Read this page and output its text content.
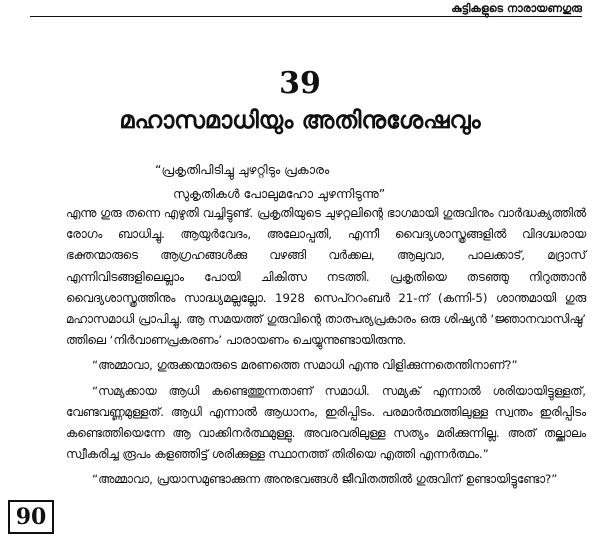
കുട്ടികളുടെ നാരായണഗുരു
39
മഹാസമാധിയും അതിനുശേഷവും
“പ്രകൃതിപിടിച്ചു ചുഴറ്റിടും പ്രകാരം
സുകൃതികൾ പോലുമഹോ ചുഴന്നിടുന്നു”

എന്നു ഗുരു തന്നെ എഴുതി വച്ചിട്ടുണ്ട്. പ്രകൃതിയുടെ ചുഴറ്റലിന്റെ ഭാഗമായി ഗുരുവിനും വാർദ്ധക്യത്തിൽ രോഗം ബാധിച്ചു. ആയുർവേദം, അലോപ്പതി, എന്നീ വൈദ്യശാസ്ത്രങ്ങളിൽ വിദഗ്ദ്ധരായ ഭക്തന്മാരുടെ ആഗ്രഹങ്ങൾക്കു വഴങ്ങി വർക്കല, ആലുവാ, പാലക്കാട്, മദ്രാസ് എന്നിവിടങ്ങളിലെല്ലാം പോയി ചികിത്സ നടത്തി. പ്രകൃതിയെ തടഞ്ഞു നിറുത്താൻ വൈദ്യശാസ്ത്രത്തിനും സാദ്ധ്യമല്ലല്ലോ. 1928 സെപ്ററംബർ 21-ന് (കന്നി-5) ശാന്തമായി ഗുരു മഹാസമാധി പ്രാപിച്ചു. ആ സമയത്ത് ഗുരുവിന്റെ താത്പര്യപ്രകാരം ഒരു ശിഷ്യൻ ‘ജ്ഞാനവാസിഷ്ഠ’ ത്തിലെ ‘നിർവാണപ്രകരണം’ പാരായണം ചെയ്യുന്നുണ്ടായിരുന്നു.

“അമ്മാവാ, ഗുരുക്കന്മാരുടെ മരണത്തെ സമാധി എന്നു വിളിക്കുന്നതെന്തിനാണ്?”

“സമ്യക്കായ ആധി കണ്ടെത്തുന്നതാണ് സമാധി. സമ്യക് എന്നാൽ ശരിയായിട്ടുള്ളത്, വേണ്ടവണ്ണമുള്ളത്. ആധി എന്നാൽ ആധാനം, ഇരിപ്പിടം. പരമാർത്ഥത്തിലുള്ള സ്വന്തം ഇരിപ്പിടം കണ്ടെത്തിയെന്നേ ആ വാക്കിനർത്ഥമുള്ളു. അവരവരിലുള്ള സത്യം മരിക്കുന്നില്ല. അത് തല്ക്കാലം സ്വീകരിച്ച രൂപം കളഞ്ഞിട്ട് ശരിക്കുള്ള സ്ഥാനത്ത് തിരിയെ എത്തി എന്നർത്ഥം.”

“അമ്മാവാ, പ്രയാസമുണ്ടാക്കുന്ന അനുഭവങ്ങൾ ജീവിതത്തിൽ ഗുരുവിന് ഉണ്ടായിട്ടുണ്ടോ?”

90
